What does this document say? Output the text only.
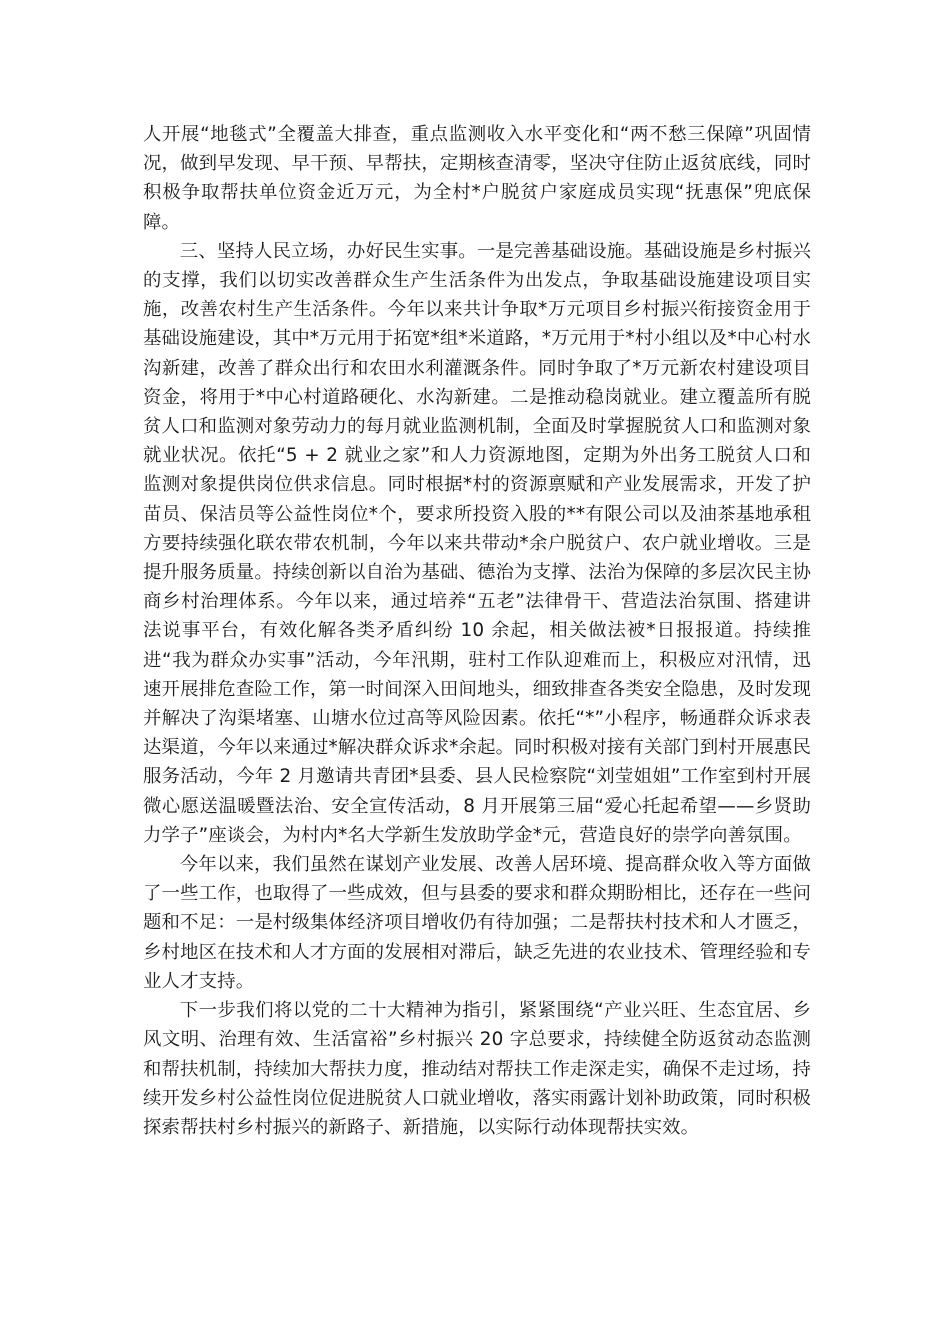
人开展“地毯式”全覆盖大排查，重点监测收入水平变化和“两不愁三保障”巩固情况，做到早发现、早干预、早帮扶，定期核查清零，坚决守住防止返贫底线，同时积极争取帮扶单位资金近万元，为全村*户脱贫户家庭成员实现“抚惠保”兜底保障。

三、坚持人民立场，办好民生实事。一是完善基础设施。基础设施是乡村振兴的支撑，我们以切实改善群众生产生活条件为出发点，争取基础设施建设项目实施，改善农村生产生活条件。今年以来共计争取*万元项目乡村振兴衔接资金用于基础设施建设，其中*万元用于拓宽*组*米道路，*万元用于*村小组以及*中心村水沟新建，改善了群众出行和农田水利灌溉条件。同时争取了*万元新农村建设项目资金，将用于*中心村道路硬化、水沟新建。二是推动稳岗就业。建立覆盖所有脱贫人口和监测对象劳动力的每月就业监测机制，全面及时掌握脱贫人口和监测对象就业状况。依托“5 + 2 就业之家”和人力资源地图，定期为外出务工脱贫人口和监测对象提供岗位供求信息。同时根据*村的资源禀赋和产业发展需求，开发了护苗员、保洁员等公益性岗位*个，要求所投资入股的**有限公司以及油茶基地承租方要持续强化联农带农机制，今年以来共带动*余户脱贫户、农户就业增收。三是提升服务质量。持续创新以自治为基础、德治为支撑、法治为保障的多层次民主协商乡村治理体系。今年以来，通过培养“五老”法律骨干、营造法治氛围、搭建讲法说事平台，有效化解各类矛盾纠纷 10 余起，相关做法被*日报报道。持续推进“我为群众办实事”活动，今年汛期，驻村工作队迎难而上，积极应对汛情，迅速开展排危查险工作，第一时间深入田间地头，细致排查各类安全隐患，及时发现并解决了沟渠堵塞、山塘水位过高等风险因素。依托“*”小程序，畅通群众诉求表达渠道，今年以来通过*解决群众诉求*余起。同时积极对接有关部门到村开展惠民服务活动，今年 2 月邀请共青团*县委、县人民检察院“刘莹姐姐”工作室到村开展微心愿送温暖暨法治、安全宣传活动，8 月开展第三届“爱心托起希望——乡贤助力学子”座谈会，为村内*名大学新生发放助学金*元，营造良好的崇学向善氛围。

今年以来，我们虽然在谋划产业发展、改善人居环境、提高群众收入等方面做了一些工作，也取得了一些成效，但与县委的要求和群众期盼相比，还存在一些问题和不足：一是村级集体经济项目增收仍有待加强；二是帮扶村技术和人才匮乏，乡村地区在技术和人才方面的发展相对滞后，缺乏先进的农业技术、管理经验和专业人才支持。

下一步我们将以党的二十大精神为指引，紧紧围绕“产业兴旺、生态宜居、乡风文明、治理有效、生活富裕”乡村振兴 20 字总要求，持续健全防返贫动态监测和帮扶机制，持续加大帮扶力度，推动结对帮扶工作走深走实，确保不走过场，持续开发乡村公益性岗位促进脱贫人口就业增收，落实雨露计划补助政策，同时积极探索帮扶村乡村振兴的新路子、新措施，以实际行动体现帮扶实效。
